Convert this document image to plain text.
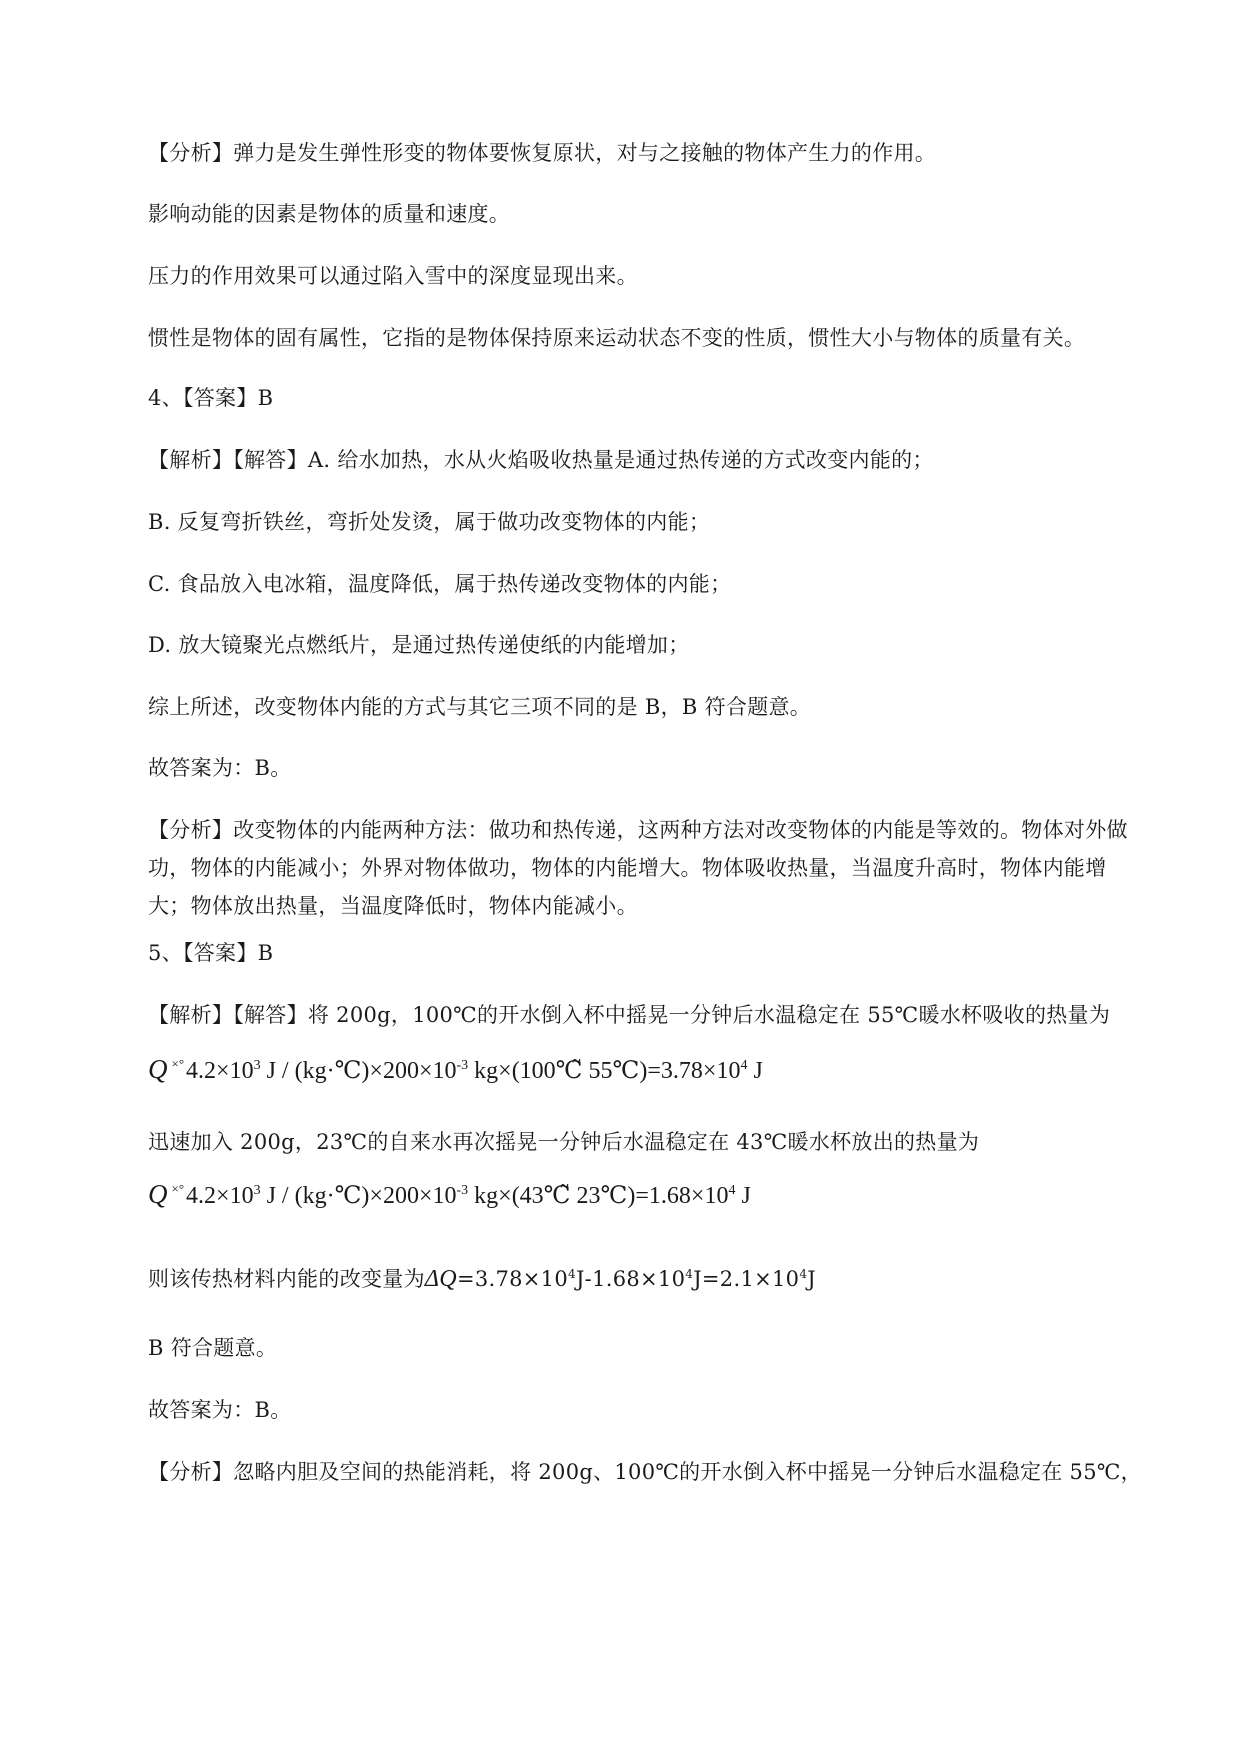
【分析】弹力是发生弹性形变的物体要恢复原状，对与之接触的物体产生力的作用。
影响动能的因素是物体的质量和速度。
压力的作用效果可以通过陷入雪中的深度显现出来。
惯性是物体的固有属性，它指的是物体保持原来运动状态不变的性质，惯性大小与物体的质量有关。
4、【答案】B
【解析】【解答】A. 给水加热，水从火焰吸收热量是通过热传递的方式改变内能的；
B. 反复弯折铁丝，弯折处发烫，属于做功改变物体的内能；
C. 食品放入电冰箱，温度降低，属于热传递改变物体的内能；
D. 放大镜聚光点燃纸片，是通过热传递使纸的内能增加；
综上所述，改变物体内能的方式与其它三项不同的是 B，B 符合题意。
故答案为：B。
【分析】改变物体的内能两种方法：做功和热传递，这两种方法对改变物体的内能是等效的。物体对外做功，物体的内能减小；外界对物体做功，物体的内能增大。物体吸收热量，当温度升高时，物体内能增大；物体放出热量，当温度降低时，物体内能减小。
5、【答案】B
【解析】【解答】将 200g，100℃的开水倒入杯中摇晃一分钟后水温稳定在 55℃暖水杯吸收的热量为
Q $^{\times^\circ}4.2\times 10^3$ $J / (kg\cdot℃)\times 200\times 10^{-3}$ kg×(100℃̃ $55℃)=3.78\times 10^4$ J
迅速加入 200g，23℃的自来水再次摇晃一分钟后水温稳定在 43℃暖水杯放出的热量为
Q $^{\times^\circ}4.2\times 10^3$ $J / (kg\cdot℃)\times 200\times 10^{-3}$ kg×(43℃̃ $23℃)=1.68\times 10^4$ J
则该传热材料内能的改变量为$\Delta Q=3.78\times 10^4J-1.68\times 10^4J=2.1\times 10^4J$
B 符合题意。
故答案为：B。
【分析】忽略内胆及空间的热能消耗，将 200g、100℃的开水倒入杯中摇晃一分钟后水温稳定在 55℃，
